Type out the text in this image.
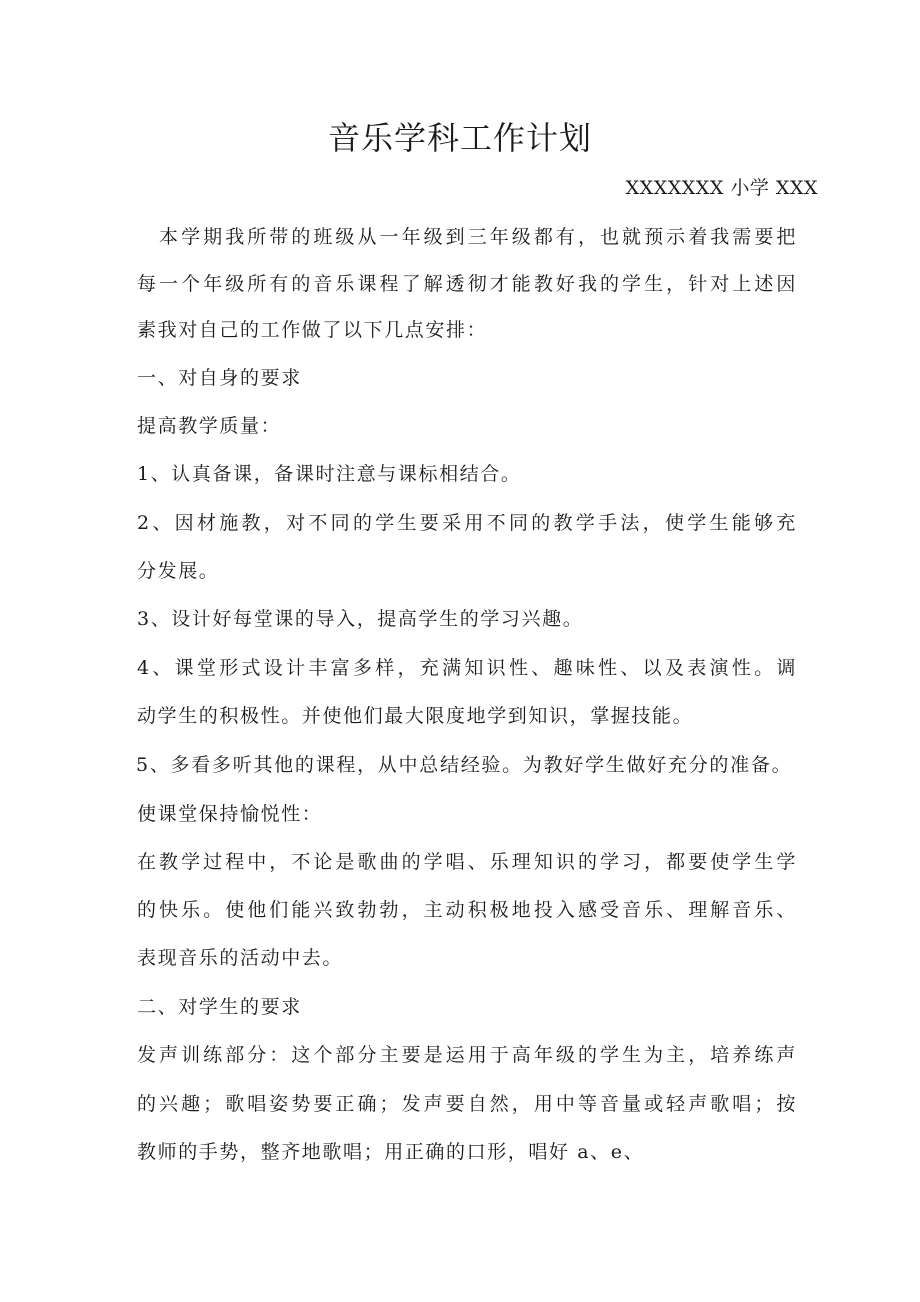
音乐学科工作计划
XXXXXXX 小学 XXX
　本学期我所带的班级从一年级到三年级都有，也就预示着我需要把
每一个年级所有的音乐课程了解透彻才能教好我的学生，针对上述因
素我对自己的工作做了以下几点安排：
一、对自身的要求
提高教学质量：
1、认真备课，备课时注意与课标相结合。
2、因材施教，对不同的学生要采用不同的教学手法，使学生能够充
分发展。
3、设计好每堂课的导入，提高学生的学习兴趣。
4、课堂形式设计丰富多样，充满知识性、趣味性、以及表演性。调
动学生的积极性。并使他们最大限度地学到知识，掌握技能。
5、多看多听其他的课程，从中总结经验。为教好学生做好充分的准备。
使课堂保持愉悦性：
在教学过程中，不论是歌曲的学唱、乐理知识的学习，都要使学生学
的快乐。使他们能兴致勃勃，主动积极地投入感受音乐、理解音乐、
表现音乐的活动中去。
二、对学生的要求
发声训练部分：这个部分主要是运用于高年级的学生为主，培养练声
的兴趣；歌唱姿势要正确；发声要自然，用中等音量或轻声歌唱；按
教师的手势，整齐地歌唱；用正确的口形，唱好 a、e、
